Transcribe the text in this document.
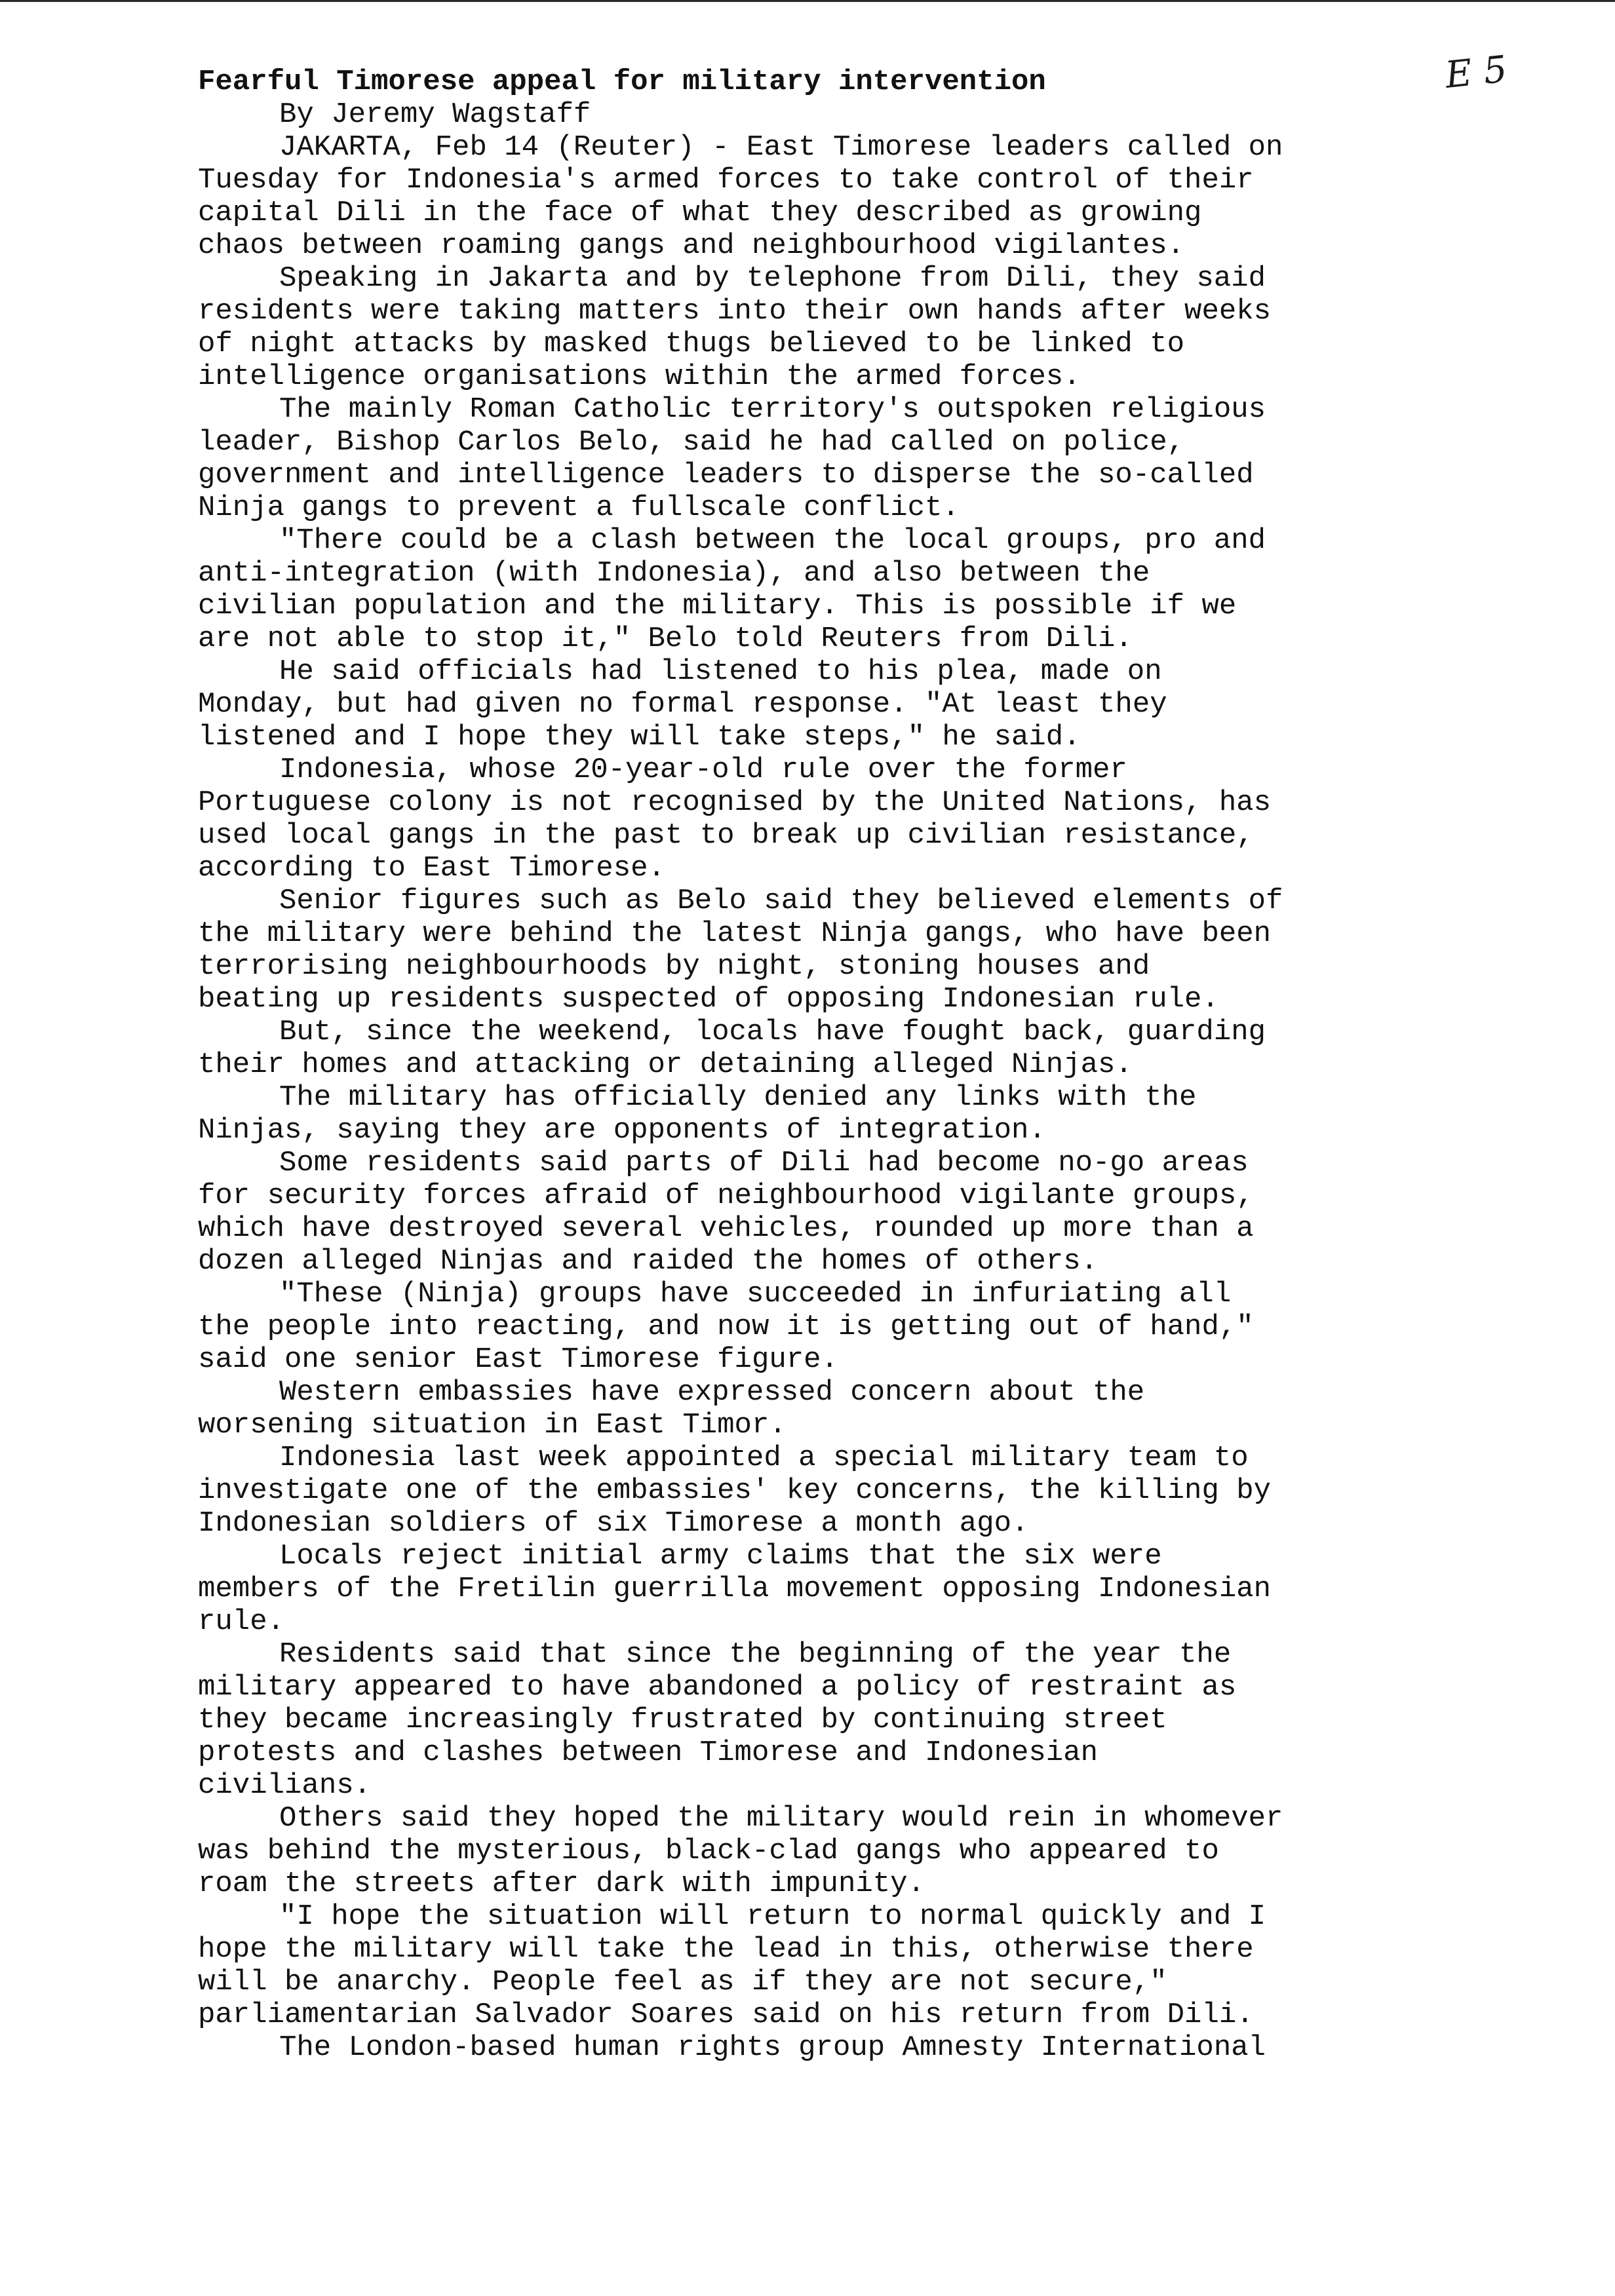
E 5
Fearful Timorese appeal for military intervention
By Jeremy Wagstaff
JAKARTA, Feb 14 (Reuter) - East Timorese leaders called on
Tuesday for Indonesia's armed forces to take control of their
capital Dili in the face of what they described as growing
chaos between roaming gangs and neighbourhood vigilantes.
Speaking in Jakarta and by telephone from Dili, they said
residents were taking matters into their own hands after weeks
of night attacks by masked thugs believed to be linked to
intelligence organisations within the armed forces.
The mainly Roman Catholic territory's outspoken religious
leader, Bishop Carlos Belo, said he had called on police,
government and intelligence leaders to disperse the so-called
Ninja gangs to prevent a fullscale conflict.
"There could be a clash between the local groups, pro and
anti-integration (with Indonesia), and also between the
civilian population and the military. This is possible if we
are not able to stop it," Belo told Reuters from Dili.
He said officials had listened to his plea, made on
Monday, but had given no formal response. "At least they
listened and I hope they will take steps," he said.
Indonesia, whose 20-year-old rule over the former
Portuguese colony is not recognised by the United Nations, has
used local gangs in the past to break up civilian resistance,
according to East Timorese.
Senior figures such as Belo said they believed elements of
the military were behind the latest Ninja gangs, who have been
terrorising neighbourhoods by night, stoning houses and
beating up residents suspected of opposing Indonesian rule.
But, since the weekend, locals have fought back, guarding
their homes and attacking or detaining alleged Ninjas.
The military has officially denied any links with the
Ninjas, saying they are opponents of integration.
Some residents said parts of Dili had become no-go areas
for security forces afraid of neighbourhood vigilante groups,
which have destroyed several vehicles, rounded up more than a
dozen alleged Ninjas and raided the homes of others.
"These (Ninja) groups have succeeded in infuriating all
the people into reacting, and now it is getting out of hand,"
said one senior East Timorese figure.
Western embassies have expressed concern about the
worsening situation in East Timor.
Indonesia last week appointed a special military team to
investigate one of the embassies' key concerns, the killing by
Indonesian soldiers of six Timorese a month ago.
Locals reject initial army claims that the six were
members of the Fretilin guerrilla movement opposing Indonesian
rule.
Residents said that since the beginning of the year the
military appeared to have abandoned a policy of restraint as
they became increasingly frustrated by continuing street
protests and clashes between Timorese and Indonesian
civilians.
Others said they hoped the military would rein in whomever
was behind the mysterious, black-clad gangs who appeared to
roam the streets after dark with impunity.
"I hope the situation will return to normal quickly and I
hope the military will take the lead in this, otherwise there
will be anarchy. People feel as if they are not secure,"
parliamentarian Salvador Soares said on his return from Dili.
The London-based human rights group Amnesty International
